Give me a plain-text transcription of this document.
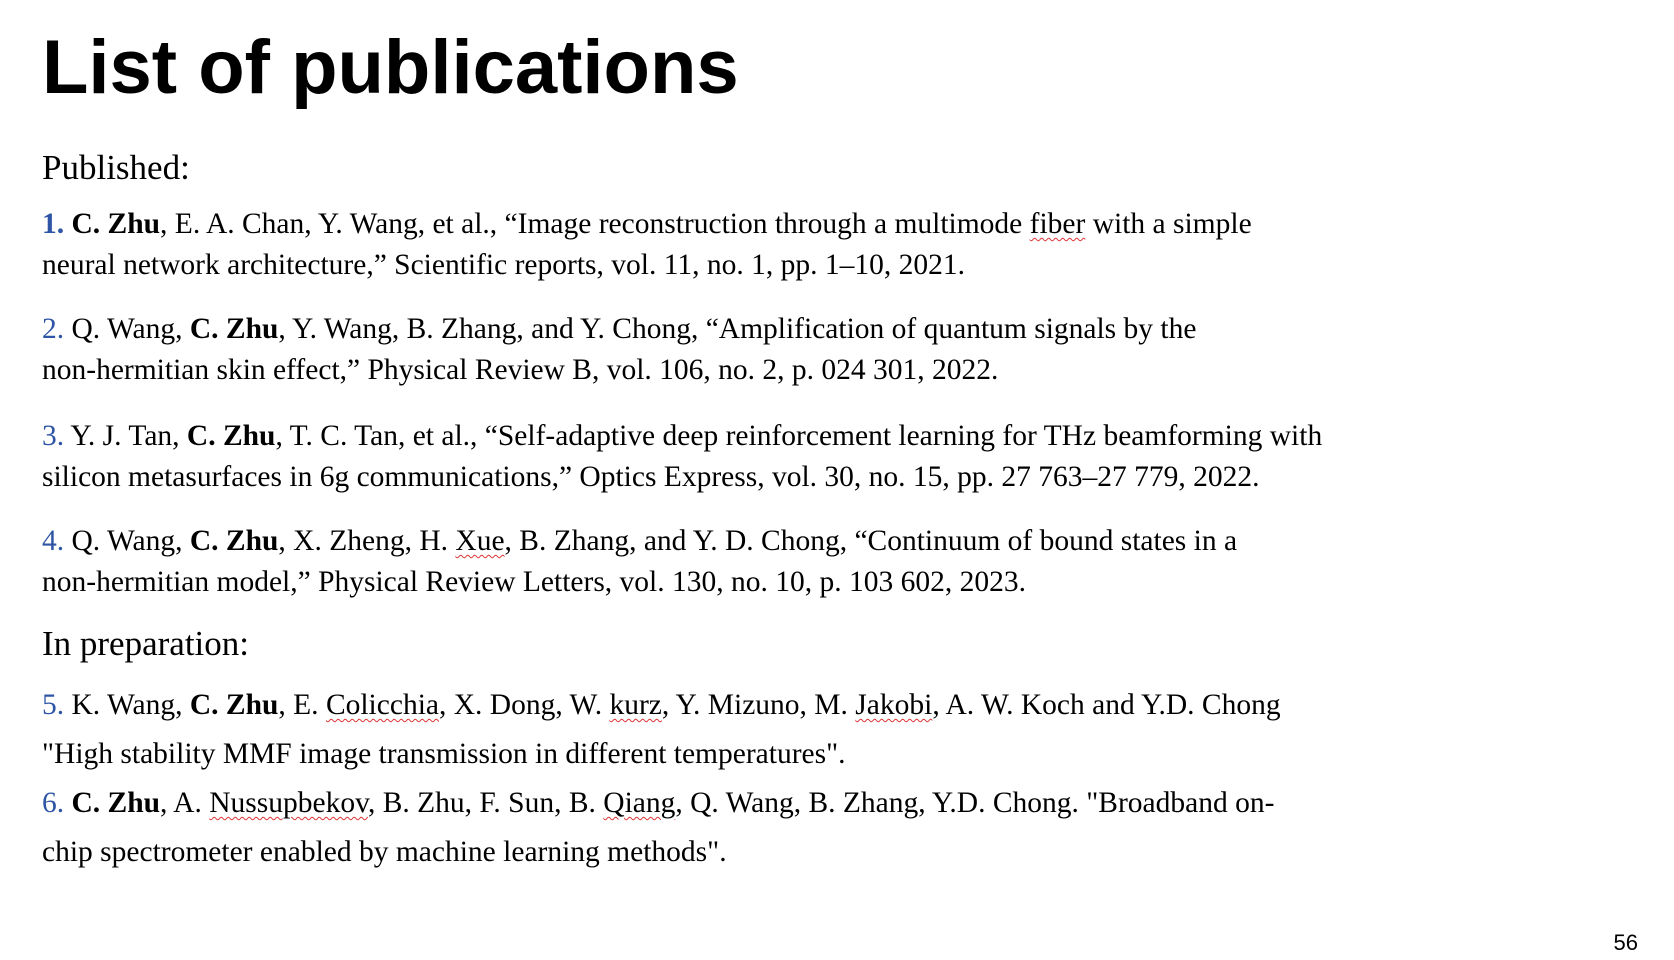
List of publications
Published:
1. C. Zhu, E. A. Chan, Y. Wang, et al., “Image reconstruction through a multimode fiber with a simple
neural network architecture,” Scientific reports, vol. 11, no. 1, pp. 1–10, 2021.
2. Q. Wang, C. Zhu, Y. Wang, B. Zhang, and Y. Chong, “Amplification of quantum signals by the
non-hermitian skin effect,” Physical Review B, vol. 106, no. 2, p. 024 301, 2022.
3. Y. J. Tan, C. Zhu, T. C. Tan, et al., “Self-adaptive deep reinforcement learning for THz beamforming with
silicon metasurfaces in 6g communications,” Optics Express, vol. 30, no. 15, pp. 27 763–27 779, 2022.
4. Q. Wang, C. Zhu, X. Zheng, H. Xue, B. Zhang, and Y. D. Chong, “Continuum of bound states in a
non-hermitian model,” Physical Review Letters, vol. 130, no. 10, p. 103 602, 2023.
In preparation:
5. K. Wang, C. Zhu, E. Colicchia, X. Dong, W. kurz, Y. Mizuno, M. Jakobi, A. W. Koch and Y.D. Chong
"High stability MMF image transmission in different temperatures".
6. C. Zhu, A. Nussupbekov, B. Zhu, F. Sun, B. Qiang, Q. Wang, B. Zhang, Y.D. Chong. "Broadband on-
chip spectrometer enabled by machine learning methods".
56
